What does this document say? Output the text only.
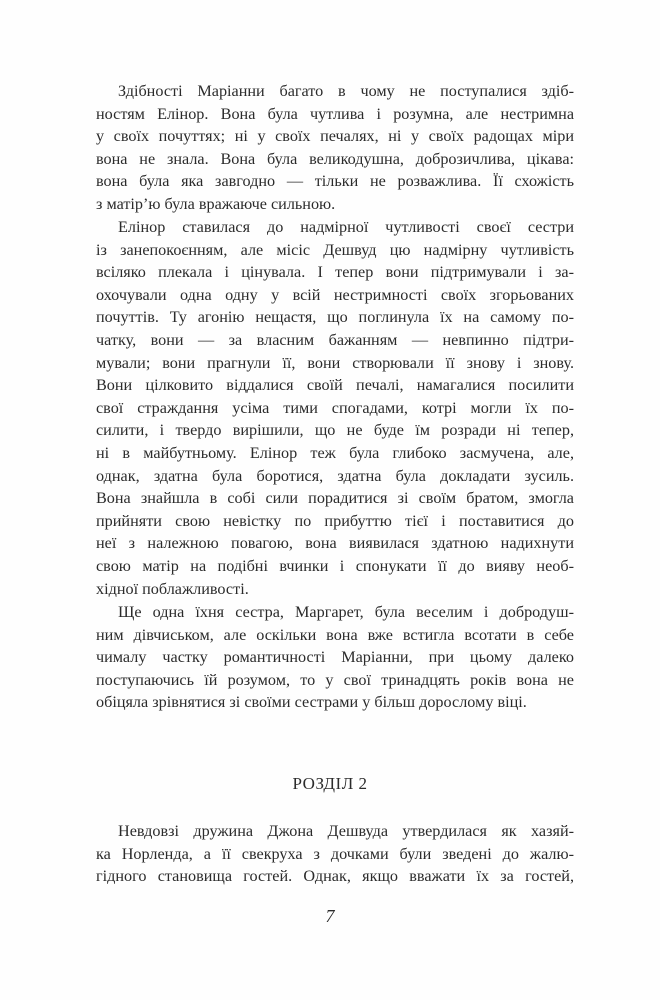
Здібності Маріанни багато в чому не поступалися здіб-
ностям Елінор. Вона була чутлива і розумна, але нестримна
у своїх почуттях; ні у своїх печалях, ні у своїх радощах міри
вона не знала. Вона була великодушна, доброзичлива, цікава:
вона була яка завгодно — тільки не розважлива. Її схожість
з матір’ю була вражаюче сильною.
Елінор ставилася до надмірної чутливості своєї сестри
із занепокоєнням, але місіс Дешвуд цю надмірну чутливість
всіляко плекала і цінувала. І тепер вони підтримували і за-
охочували одна одну у всій нестримності своїх згорьованих
почуттів. Ту агонію нещастя, що поглинула їх на самому по-
чатку, вони — за власним бажанням — невпинно підтри-
мували; вони прагнули її, вони створювали її знову і знову.
Вони цілковито віддалися своїй печалі, намагалися посилити
свої страждання усіма тими спогадами, котрі могли їх по-
силити, і твердо вирішили, що не буде їм розради ні тепер,
ні в майбутньому. Елінор теж була глибоко засмучена, але,
однак, здатна була боротися, здатна була докладати зусиль.
Вона знайшла в собі сили порадитися зі своїм братом, змогла
прийняти свою невістку по прибуттю тієї і поставитися до
неї з належною повагою, вона виявилася здатною надихнути
свою матір на подібні вчинки і спонукати її до вияву необ-
хідної поблажливості.
Ще одна їхня сестра, Маргарет, була веселим і добродуш-
ним дівчиськом, але оскільки вона вже встигла всотати в себе
чималу частку романтичності Маріанни, при цьому далеко
поступаючись їй розумом, то у свої тринадцять років вона не
обіцяла зрівнятися зі своїми сестрами у більш дорослому віці.
РОЗДІЛ 2
Невдовзі дружина Джона Дешвуда утвердилася як хазяй-
ка Норленда, а її свекруха з дочками були зведені до жалю-
гідного становища гостей. Однак, якщо вважати їх за гостей,
7
